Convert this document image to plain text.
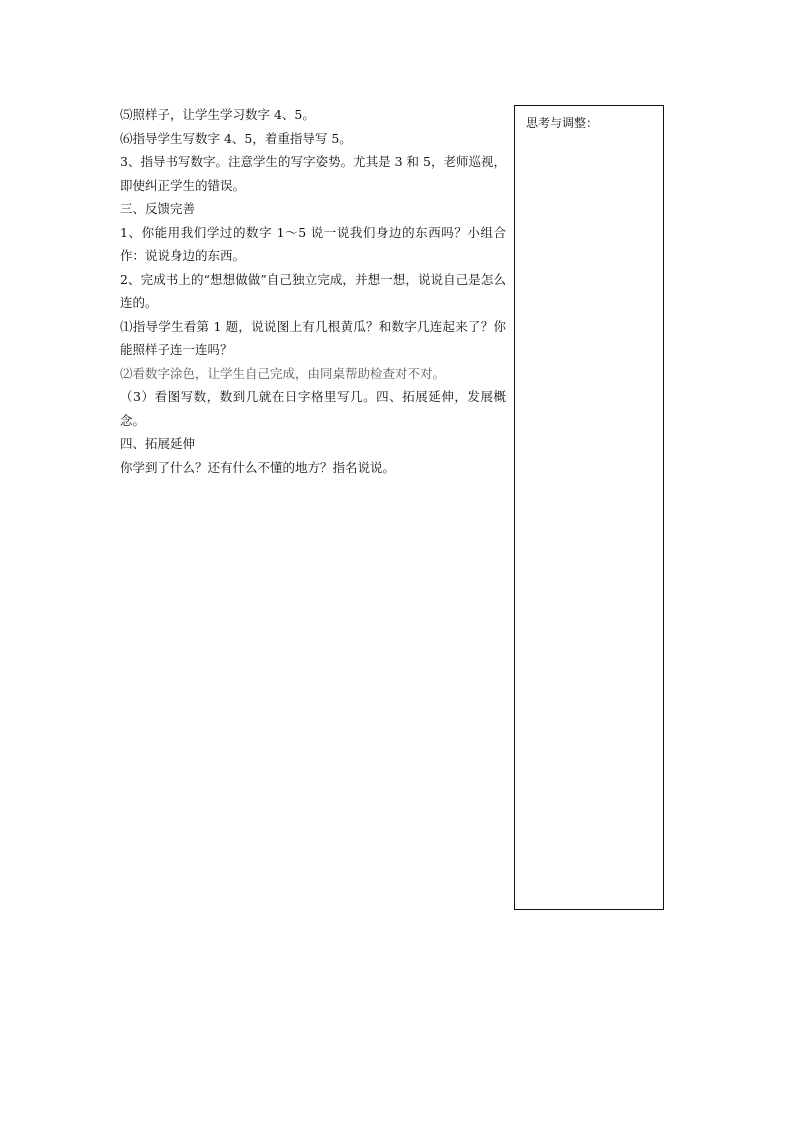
⑸照样子，让学生学习数字 4、5。

⑹指导学生写数字 4、5，着重指导写 5。

3、指导书写数字。注意学生的写字姿势。尤其是 3 和 5，老师巡视，即使纠正学生的错误。

三、反馈完善

1、你能用我们学过的数字 1～5 说一说我们身边的东西吗？小组合作：说说身边的东西。

2、完成书上的“想想做做”自己独立完成，并想一想，说说自己是怎么连的。

⑴指导学生看第 1 题，说说图上有几根黄瓜？和数字几连起来了？你能照样子连一连吗？

⑵看数字涂色，让学生自己完成，由同桌帮助检查对不对。

（3）看图写数，数到几就在日字格里写几。四、拓展延伸，发展概念。

四、拓展延伸

你学到了什么？还有什么不懂的地方？指名说说。

思考与调整：
